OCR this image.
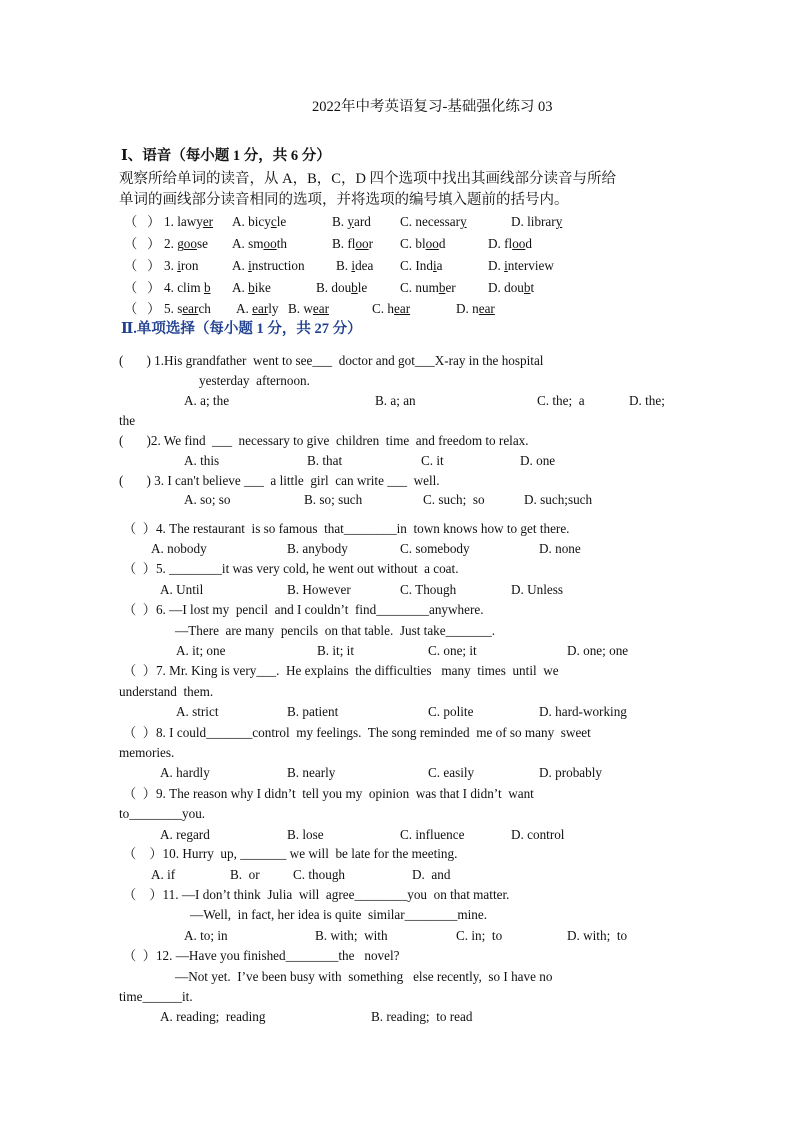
2022年中考英语复习-基础强化练习 03
Ⅰ、语音（每小题 1 分，共 6 分）
观察所给单词的读音，从 A，B，C，D 四个选项中找出其画线部分读音与所给
单词的画线部分读音相同的选项，并将选项的编号填入题前的括号内。
（   ） 1. lawyer A. bicycle	B. yard C. necessary	D. library
（   ） 2. goose A. smooth	B. floor C. blood	D. flood
（   ） 3. iron	A. instruction B. idea C. India	D. interview
（   ） 4. clim b A. bike	B. double C. number D. doubt
（   ） 5. search A. early B. wear	C. hear	D. near
Ⅱ.单项选择（每小题 1 分，共 27 分）
(       ) 1.His grandfather  went to see___  doctor and got___X-ray in the hospital
yesterday  afternoon.
A. a; the	B. a; an	C. the;  a	D. the;
the
(       )2. We find  ___  necessary to give  children  time  and freedom to relax.
A. this	B. that	C. it	D. one
(       ) 3. I can't believe ___  a little  girl  can write ___  well.
A. so; so	B. so; such	C. such;  so	D. such;such
（  ）4. The restaurant  is so famous  that________in  town knows how to get there.
A. nobody	B. anybody	C. somebody	D. none
（  ）5. ________it was very cold, he went out without  a coat.
A. Until	B. However	C. Though	D. Unless
（  ）6. —I lost my  pencil  and I couldn’t  find________anywhere.
—There  are many  pencils  on that table.  Just take_______.
A. it; one	B. it; it	C. one; it	D. one; one
（  ）7. Mr. King is very___.  He explains  the difficulties   many  times  until  we
understand  them.
A. strict	B. patient	C. polite	D. hard-working
（  ）8. I could_______control  my feelings.  The song reminded  me of so many  sweet
memories.
A. hardly	B. nearly	C. easily	D. probably
（  ）9. The reason why I didn’t  tell you my  opinion  was that I didn’t  want
to________you.
A. regard	B. lose	C. influence	D. control
（    ）10. Hurry  up, _______ we will  be late for the meeting.
A. if	B.  or	C. though	D.  and
（    ）11. —I don’t think  Julia  will  agree________you  on that matter.
—Well,  in fact, her idea is quite  similar________mine.
A. to; in	B. with;  with	C. in;  to	D. with;  to
（  ）12. —Have you finished________the   novel?
—Not yet.  I’ve been busy with  something   else recently,  so I have no
time______it.
A. reading;  reading	B. reading;  to read
